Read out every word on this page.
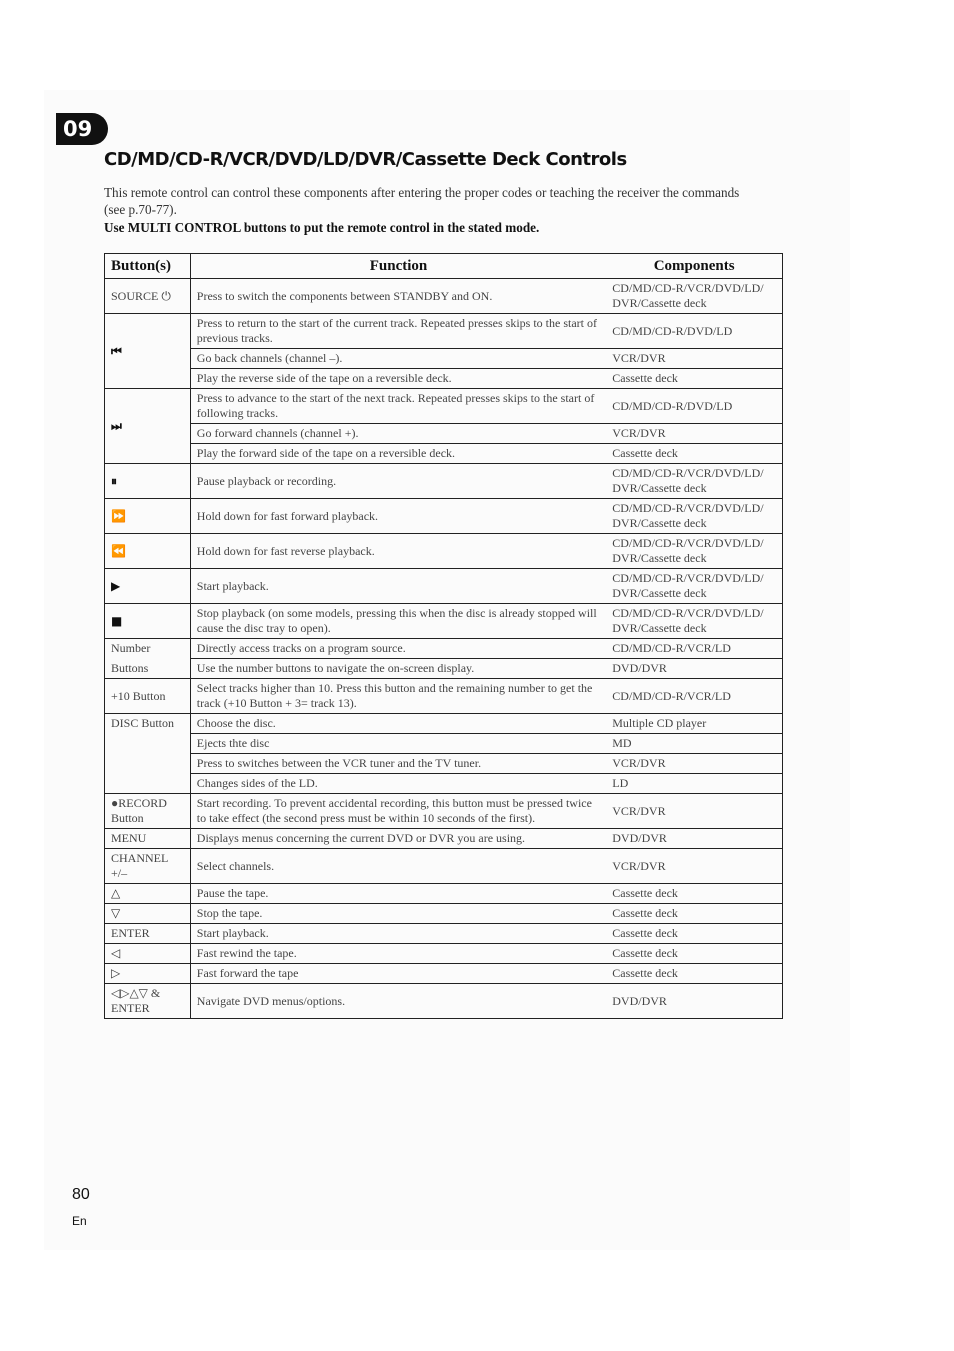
09
CD/MD/CD-R/VCR/DVD/LD/DVR/Cassette Deck Controls
This remote control can control these components after entering the proper codes or teaching the receiver the commands (see p.70-77).
Use MULTI CONTROL buttons to put the remote control in the stated mode.
Button(s)	Function	Components
SOURCE ⏻	Press to switch the components between STANDBY and ON.	CD/MD/CD-R/VCR/DVD/LD/ DVR/Cassette deck
⏮	Press to return to the start of the current track. Repeated presses skips to the start of previous tracks.	CD/MD/CD-R/DVD/LD
	Go back channels (channel –).	VCR/DVR
	Play the reverse side of the tape on a reversible deck.	Cassette deck
⏭	Press to advance to the start of the next track. Repeated presses skips to the start of following tracks.	CD/MD/CD-R/DVD/LD
	Go forward channels (channel +).	VCR/DVR
	Play the forward side of the tape on a reversible deck.	Cassette deck
⏸	Pause playback or recording.	CD/MD/CD-R/VCR/DVD/LD/ DVR/Cassette deck
⏩	Hold down for fast forward playback.	CD/MD/CD-R/VCR/DVD/LD/ DVR/Cassette deck
⏪	Hold down for fast reverse playback.	CD/MD/CD-R/VCR/DVD/LD/ DVR/Cassette deck
▶	Start playback.	CD/MD/CD-R/VCR/DVD/LD/ DVR/Cassette deck
■	Stop playback (on some models, pressing this when the disc is already stopped will cause the disc tray to open).	CD/MD/CD-R/VCR/DVD/LD/ DVR/Cassette deck
Number	Directly access tracks on a program source.	CD/MD/CD-R/VCR/LD
Buttons	Use the number buttons to navigate the on-screen display.	DVD/DVR
+10 Button	Select tracks higher than 10. Press this button and the remaining number to get the track (+10 Button + 3= track 13).	CD/MD/CD-R/VCR/LD
DISC Button	Choose the disc.	Multiple CD player
	Ejects thte disc	MD
	Press to switches between the VCR tuner and the TV tuner.	VCR/DVR
	Changes sides of the LD.	LD
●RECORD Button	Start recording. To prevent accidental recording, this button must be pressed twice to take effect (the second press must be within 10 seconds of the first).	VCR/DVR
MENU	Displays menus concerning the current DVD or DVR you are using.	DVD/DVR
CHANNEL +/–	Select channels.	VCR/DVR
△	Pause the tape.	Cassette deck
▽	Stop the tape.	Cassette deck
ENTER	Start playback.	Cassette deck
◁	Fast rewind the tape.	Cassette deck
▷	Fast forward the tape	Cassette deck
◁▷△▽ & ENTER	Navigate DVD menus/options.	DVD/DVR
80
En
